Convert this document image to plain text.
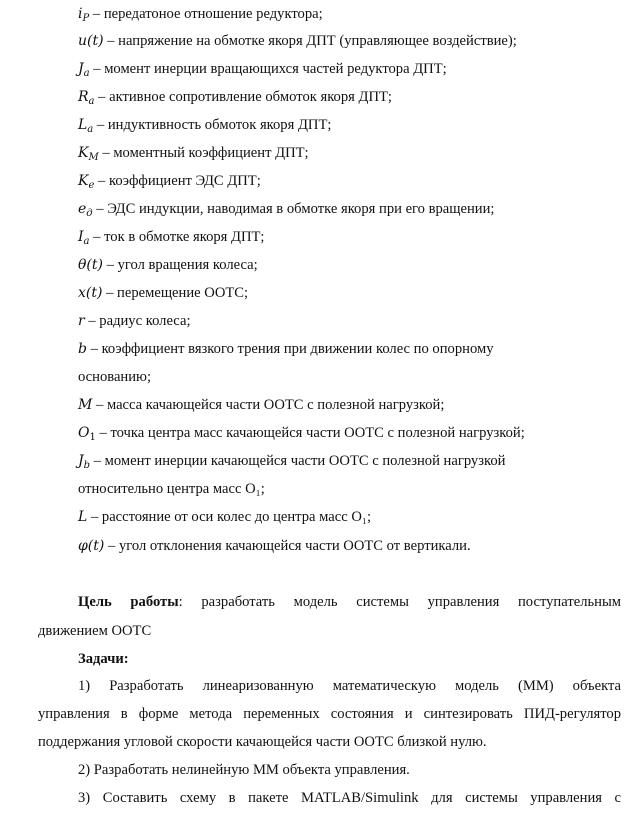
$i_P$ – передатоное отношение редуктора;
u(t) – напряжение на обмотке якоря ДПТ (управляющее воздействие);
$J_a$ – момент инерции вращающихся частей редуктора ДПТ;
$R_a$ – активное сопротивление обмоток якоря ДПТ;
$L_a$ – индуктивность обмоток якоря ДПТ;
$K_M$ – моментный коэффициент ДПТ;
$K_e$ – коэффициент ЭДС ДПТ;
$e_д$ – ЭДС индукции, наводимая в обмотке якоря при его вращении;
$I_a$ – ток в обмотке якоря ДПТ;
θ(t) – угол вращения колеса;
x(t) – перемещение ООТС;
r – радиус колеса;
b – коэффициент вязкого трения при движении колес по опорному
основанию;
M – масса качающейся части ООТС с полезной нагрузкой;
$O_1$ – точка центра масс качающейся части ООТС с полезной нагрузкой;
$J_b$ – момент инерции качающейся части ООТС с полезной нагрузкой
относительно центра масс O₁;
L – расстояние от оси колес до центра масс O₁;
φ(t) – угол отклонения качающейся части ООТС от вертикали.
Цель работы: разработать модель системы управления поступательным
движением ООТС
Задачи:
1) Разработать линеаризованную математическую модель (ММ) объекта
управления в форме метода переменных состояния и синтезировать ПИД-регулятор
поддержания угловой скорости качающейся части ООТС близкой нулю.
2) Разработать нелинейную ММ объекта управления.
3) Составить схему в пакете MATLAB/Simulink для системы управления с
